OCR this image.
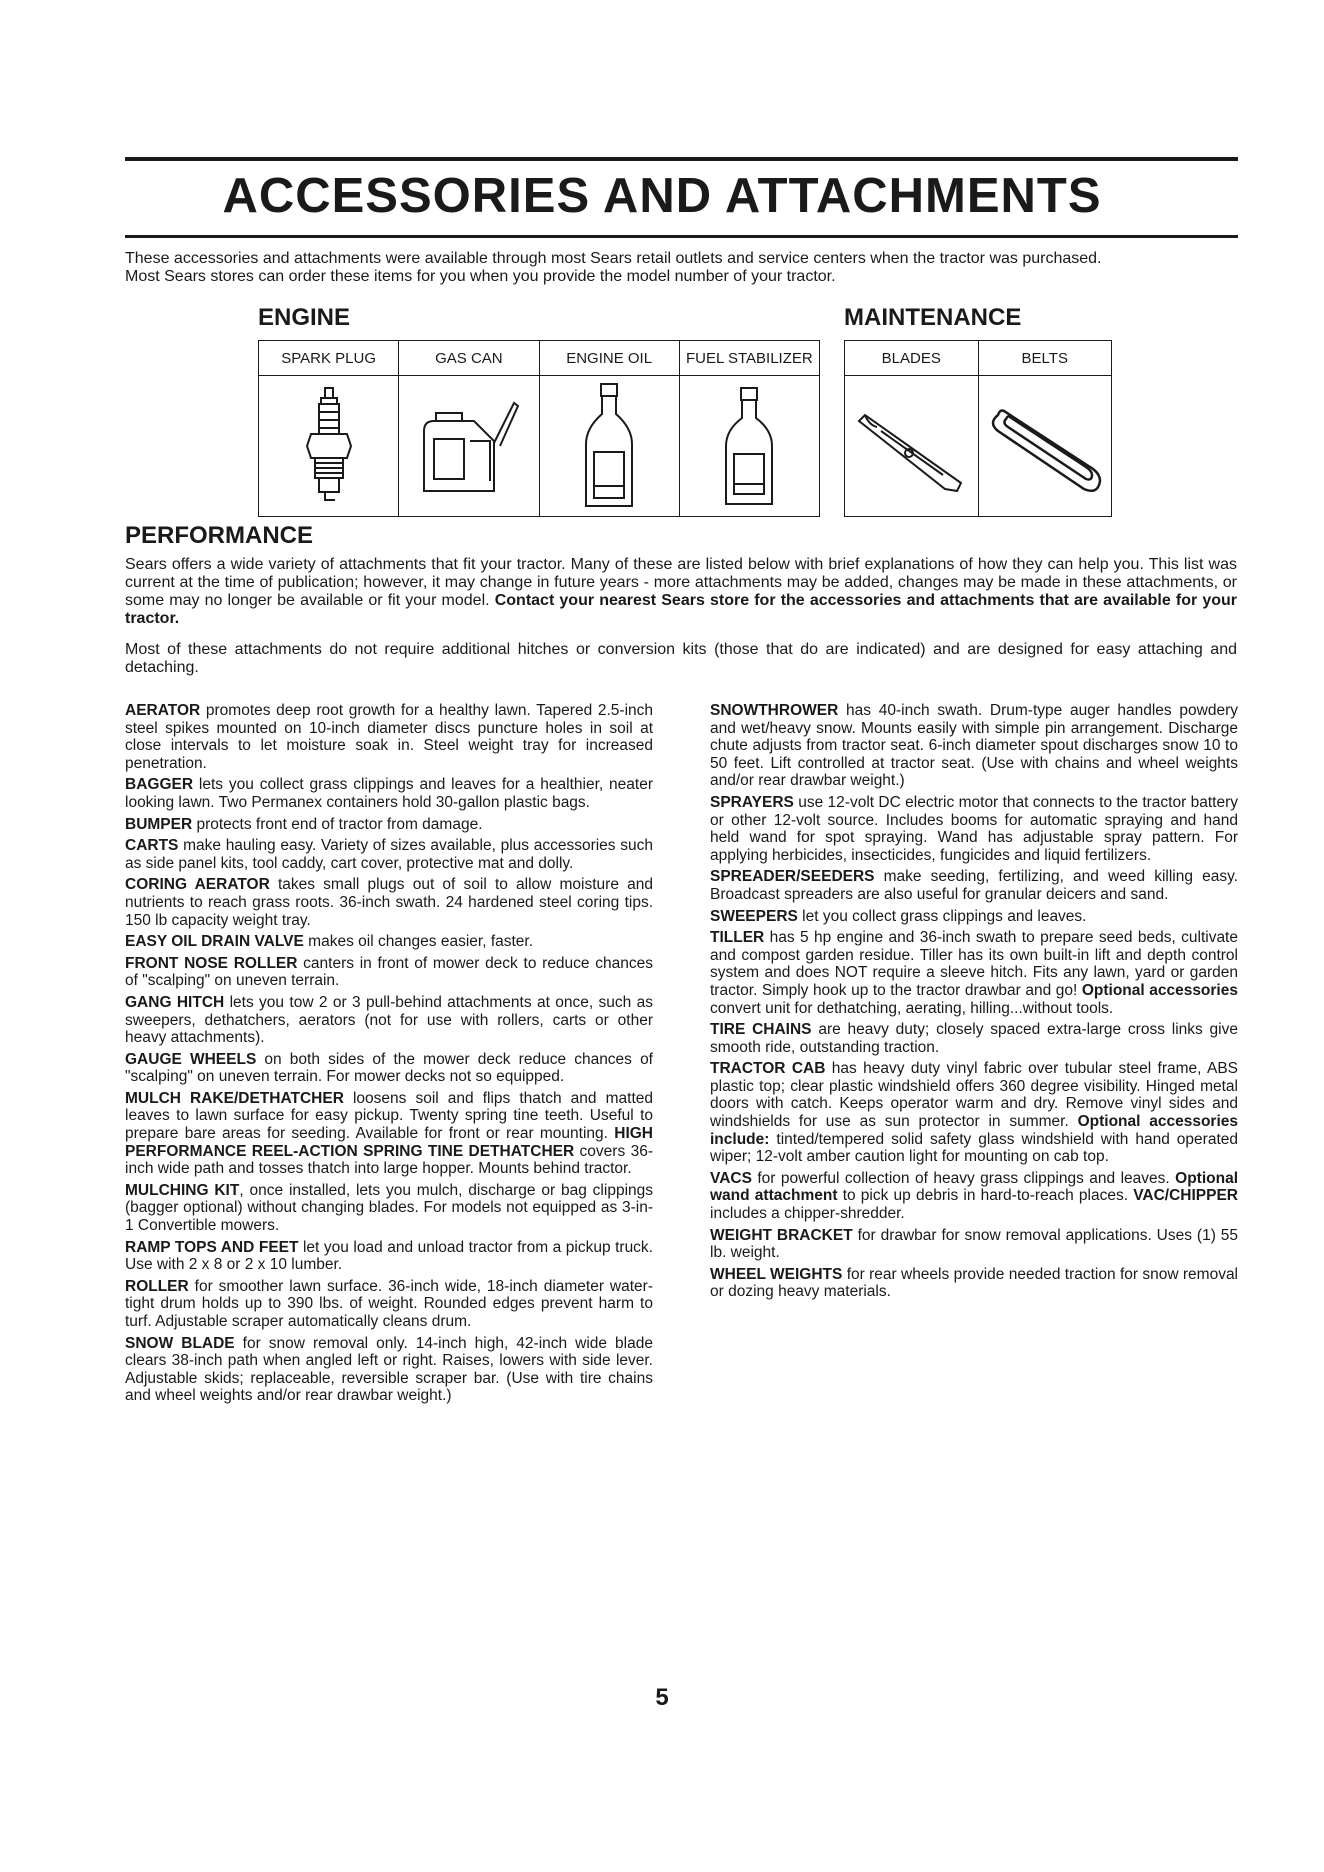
ACCESSORIES AND ATTACHMENTS
These accessories and attachments were available through most Sears retail outlets and service centers when the tractor was purchased.
Most Sears stores can order these items for you when you provide the model number of your tractor.
ENGINE	MAINTENANCE
SPARK PLUG	GAS CAN	ENGINE OIL	FUEL STABILIZER

		BLADES	BELTS

PERFORMANCE
Sears offers a wide variety of attachments that fit your tractor. Many of these are listed below with brief explanations of how they can help you. This list was current at the time of publication; however, it may change in future years - more attachments may be added, changes may be made in these attachments, or some may no longer be available or fit your model. Contact your nearest Sears store for the accessories and attachments that are available for your tractor.
Most of these attachments do not require additional hitches or conversion kits (those that do are indicated) and are designed for easy attaching and detaching.

AERATOR promotes deep root growth for a healthy lawn. Tapered 2.5-inch steel spikes mounted on 10-inch diameter discs puncture holes in soil at close intervals to let moisture soak in. Steel weight tray for increased penetration.

BAGGER lets you collect grass clippings and leaves for a healthier, neater looking lawn. Two Permanex containers hold 30-gallon plastic bags.

BUMPER protects front end of tractor from damage.

CARTS make hauling easy. Variety of sizes available, plus accessories such as side panel kits, tool caddy, cart cover, protective mat and dolly.

CORING AERATOR takes small plugs out of soil to allow moisture and nutrients to reach grass roots. 36-inch swath. 24 hardened steel coring tips. 150 lb capacity weight tray.

EASY OIL DRAIN VALVE makes oil changes easier, faster.

FRONT NOSE ROLLER canters in front of mower deck to reduce chances of "scalping" on uneven terrain.

GANG HITCH lets you tow 2 or 3 pull-behind attachments at once, such as sweepers, dethatchers, aerators (not for use with rollers, carts or other heavy attachments).

GAUGE WHEELS on both sides of the mower deck reduce chances of "scalping" on uneven terrain. For mower decks not so equipped.

MULCH RAKE/DETHATCHER loosens soil and flips thatch and matted leaves to lawn surface for easy pickup. Twenty spring tine teeth. Useful to prepare bare areas for seeding. Available for front or rear mounting. HIGH PERFORMANCE REEL-ACTION SPRING TINE DETHATCHER covers 36-inch wide path and tosses thatch into large hopper. Mounts behind tractor.

MULCHING KIT, once installed, lets you mulch, discharge or bag clippings (bagger optional) without changing blades. For models not equipped as 3-in-1 Convertible mowers.

RAMP TOPS AND FEET let you load and unload tractor from a pickup truck. Use with 2 x 8 or 2 x 10 lumber.

ROLLER for smoother lawn surface. 36-inch wide, 18-inch diameter water-tight drum holds up to 390 lbs. of weight. Rounded edges prevent harm to turf. Adjustable scraper automatically cleans drum.

SNOW BLADE for snow removal only. 14-inch high, 42-inch wide blade clears 38-inch path when angled left or right. Raises, lowers with side lever. Adjustable skids; replaceable, reversible scraper bar. (Use with tire chains and wheel weights and/or rear drawbar weight.)

SNOWTHROWER has 40-inch swath. Drum-type auger handles powdery and wet/heavy snow. Mounts easily with simple pin arrangement. Discharge chute adjusts from tractor seat. 6-inch diameter spout discharges snow 10 to 50 feet. Lift controlled at tractor seat. (Use with chains and wheel weights and/or rear drawbar weight.)

SPRAYERS use 12-volt DC electric motor that connects to the tractor battery or other 12-volt source. Includes booms for automatic spraying and hand held wand for spot spraying. Wand has adjustable spray pattern. For applying herbicides, insecticides, fungicides and liquid fertilizers.

SPREADER/SEEDERS make seeding, fertilizing, and weed killing easy. Broadcast spreaders are also useful for granular deicers and sand.

SWEEPERS let you collect grass clippings and leaves.

TILLER has 5 hp engine and 36-inch swath to prepare seed beds, cultivate and compost garden residue. Tiller has its own built-in lift and depth control system and does NOT require a sleeve hitch. Fits any lawn, yard or garden tractor. Simply hook up to the tractor drawbar and go! Optional accessories convert unit for dethatching, aerating, hilling...without tools.

TIRE CHAINS are heavy duty; closely spaced extra-large cross links give smooth ride, outstanding traction.

TRACTOR CAB has heavy duty vinyl fabric over tubular steel frame, ABS plastic top; clear plastic windshield offers 360 degree visibility. Hinged metal doors with catch. Keeps operator warm and dry. Remove vinyl sides and windshields for use as sun protector in summer. Optional accessories include: tinted/tempered solid safety glass windshield with hand operated wiper; 12-volt amber caution light for mounting on cab top.

VACS for powerful collection of heavy grass clippings and leaves. Optional wand attachment to pick up debris in hard-to-reach places. VAC/CHIPPER includes a chipper-shredder.

WEIGHT BRACKET for drawbar for snow removal applications. Uses (1) 55 lb. weight.

WHEEL WEIGHTS for rear wheels provide needed traction for snow removal or dozing heavy materials.

5
